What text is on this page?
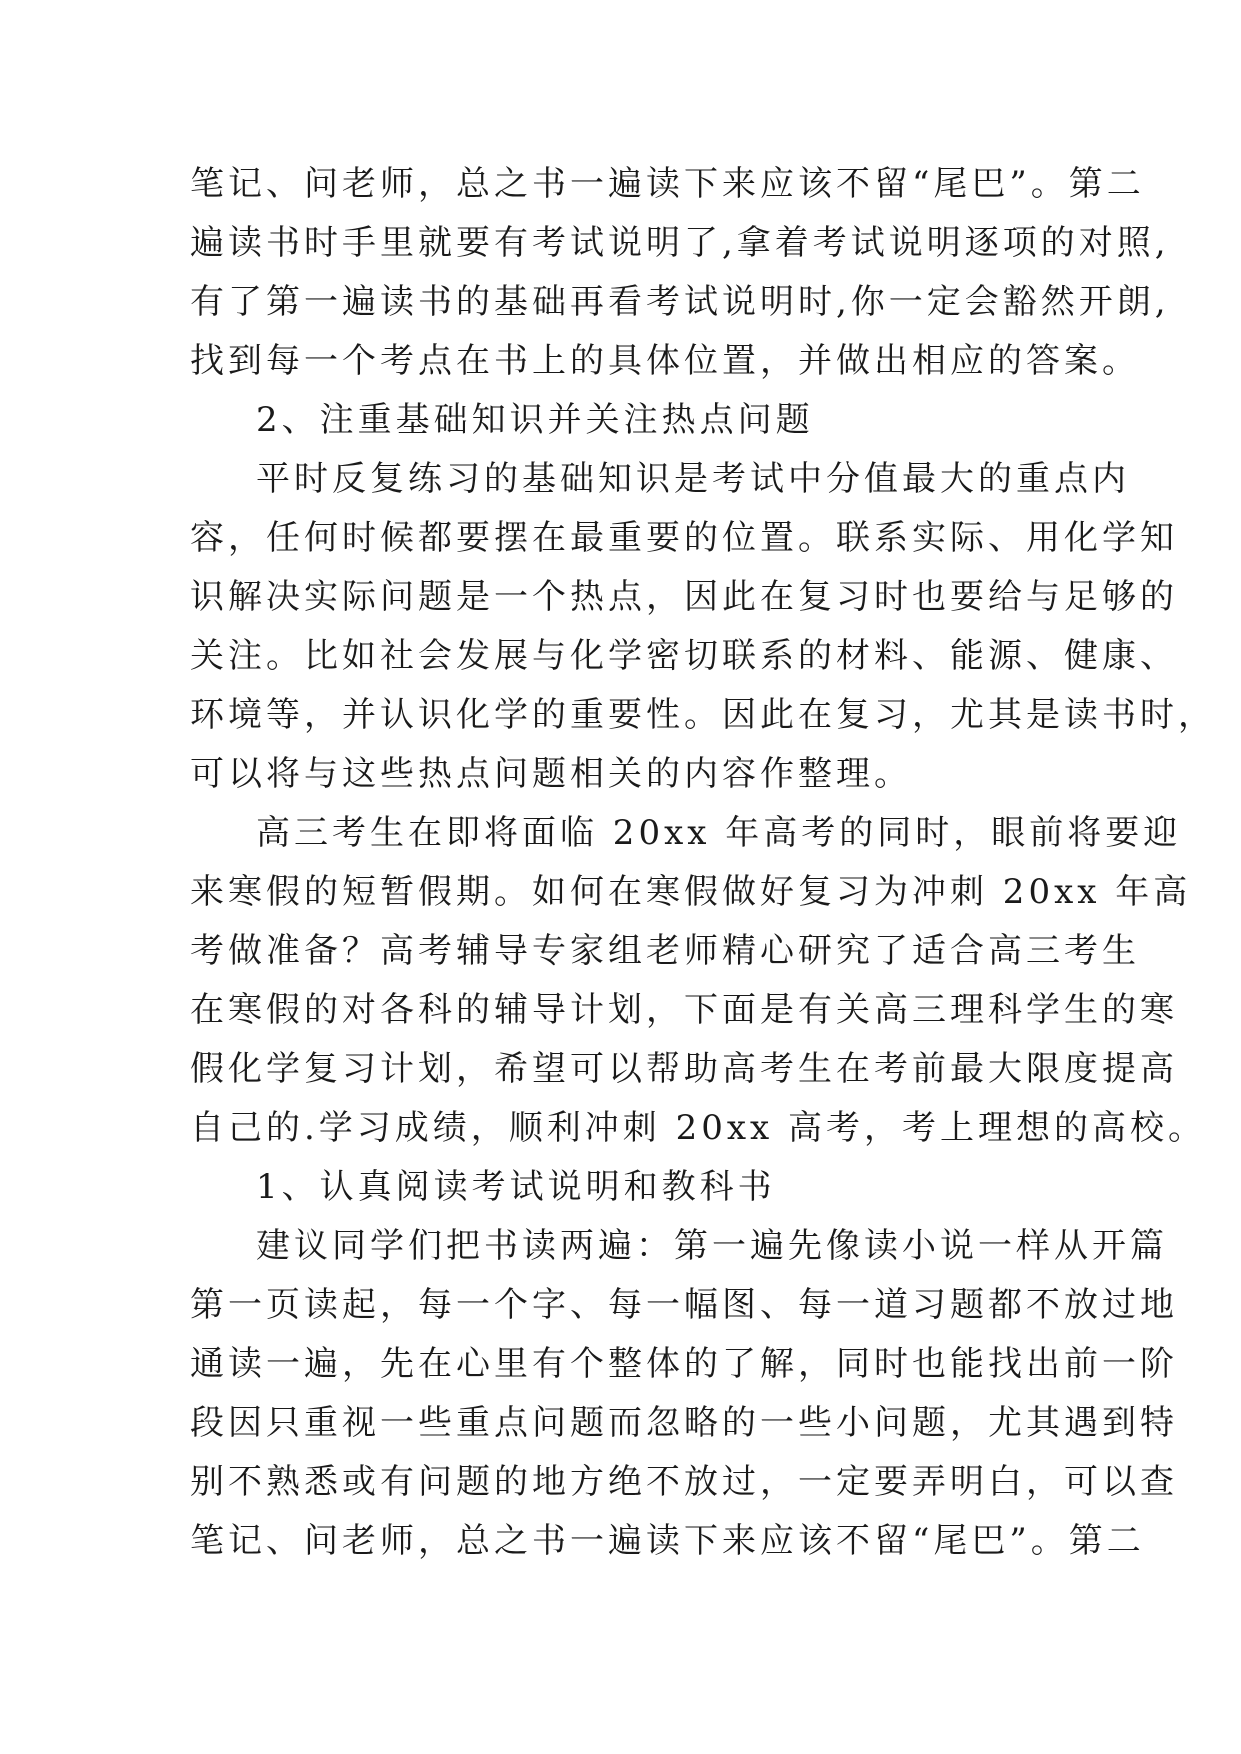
笔记、问老师，总之书一遍读下来应该不留“尾巴”。第二
遍读书时手里就要有考试说明了,拿着考试说明逐项的对照,
有了第一遍读书的基础再看考试说明时,你一定会豁然开朗,
找到每一个考点在书上的具体位置，并做出相应的答案。
2、注重基础知识并关注热点问题
平时反复练习的基础知识是考试中分值最大的重点内
容，任何时候都要摆在最重要的位置。联系实际、用化学知
识解决实际问题是一个热点，因此在复习时也要给与足够的
关注。比如社会发展与化学密切联系的材料、能源、健康、
环境等，并认识化学的重要性。因此在复习，尤其是读书时，
可以将与这些热点问题相关的内容作整理。
高三考生在即将面临 20xx 年高考的同时，眼前将要迎
来寒假的短暂假期。如何在寒假做好复习为冲刺 20xx 年高
考做准备？高考辅导专家组老师精心研究了适合高三考生
在寒假的对各科的辅导计划，下面是有关高三理科学生的寒
假化学复习计划，希望可以帮助高考生在考前最大限度提高
自己的.学习成绩，顺利冲刺 20xx 高考，考上理想的高校。
1、认真阅读考试说明和教科书
建议同学们把书读两遍：第一遍先像读小说一样从开篇
第一页读起，每一个字、每一幅图、每一道习题都不放过地
通读一遍，先在心里有个整体的了解，同时也能找出前一阶
段因只重视一些重点问题而忽略的一些小问题，尤其遇到特
别不熟悉或有问题的地方绝不放过，一定要弄明白，可以查
笔记、问老师，总之书一遍读下来应该不留“尾巴”。第二
